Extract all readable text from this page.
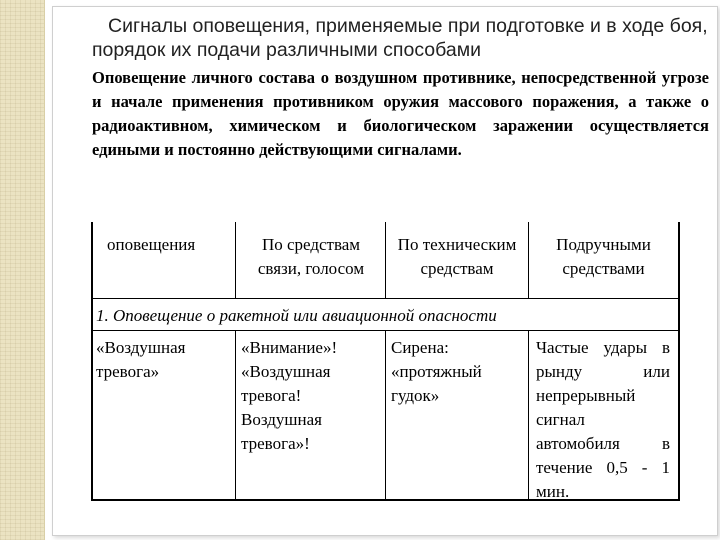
Сигналы оповещения, применяемые при подготовке и в ходе боя, порядок их подачи различными способами

Оповещение личного состава о воздушном противнике, непосредственной угрозе и начале применения противником оружия массового поражения, а также о радиоактивном, химическом и биологическом заражении осуществляется едиными и постоянно действующими сигналами.

оповещения	По средствам связи, голосом
По техническим средствам
Подручными средствами
1. Оповещение о ракетной или авиационной опасности
«Воздушная тревога»
«Внимание»! «Воздушная тревога! Воздушная тревога»!
Сирена: «протяжный гудок»
Частые удары в рынду или непрерывный сигнал автомобиля в течение 0,5 - 1 мин.
